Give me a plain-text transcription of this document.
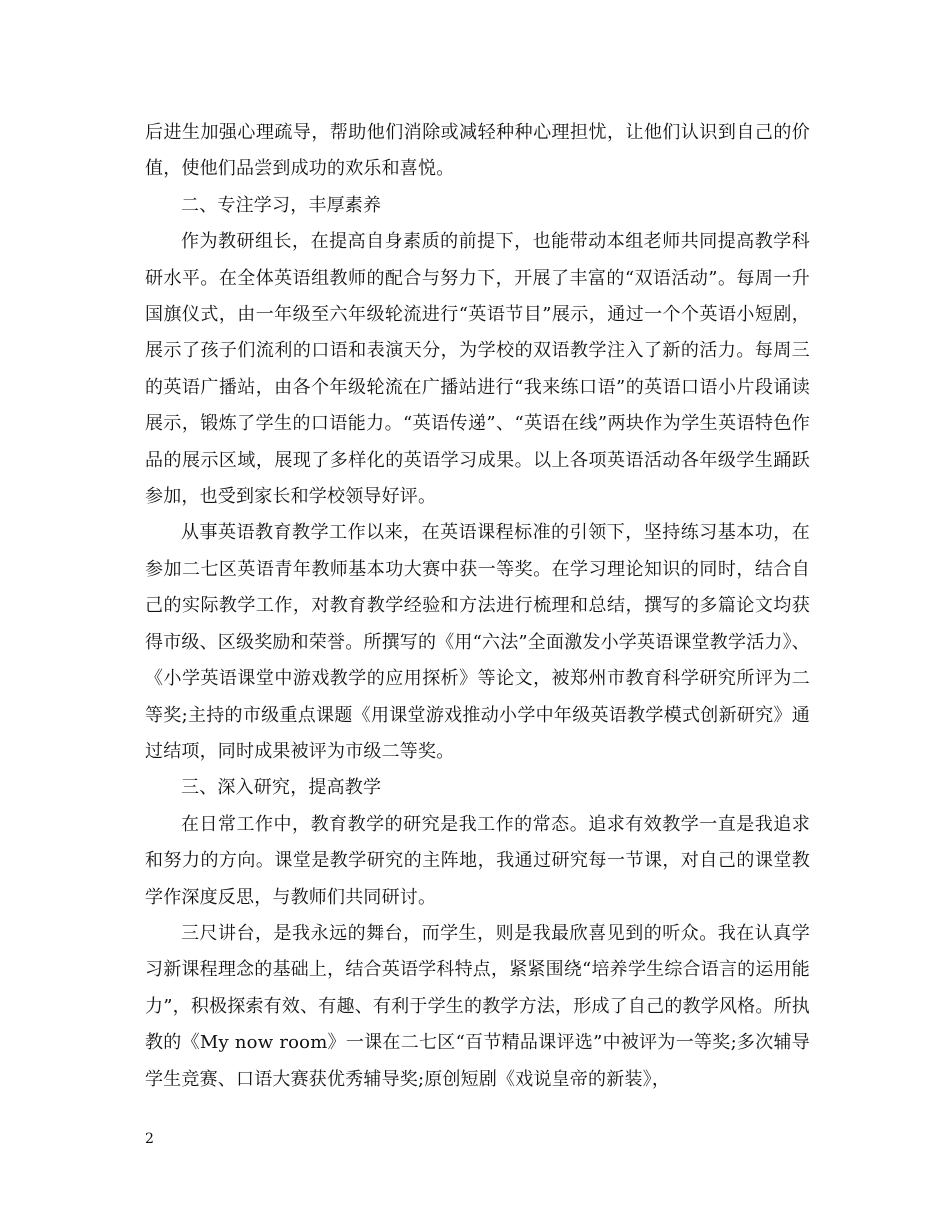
后进生加强心理疏导，帮助他们消除或减轻种种心理担忧，让他们认识到自己的价值，使他们品尝到成功的欢乐和喜悦。

二、专注学习，丰厚素养

作为教研组长，在提高自身素质的前提下，也能带动本组老师共同提高教学科研水平。在全体英语组教师的配合与努力下，开展了丰富的“双语活动”。每周一升国旗仪式，由一年级至六年级轮流进行“英语节目”展示，通过一个个英语小短剧，展示了孩子们流利的口语和表演天分，为学校的双语教学注入了新的活力。每周三的英语广播站，由各个年级轮流在广播站进行“我来练口语”的英语口语小片段诵读展示，锻炼了学生的口语能力。“英语传递”、“英语在线”两块作为学生英语特色作品的展示区域，展现了多样化的英语学习成果。以上各项英语活动各年级学生踊跃参加，也受到家长和学校领导好评。

从事英语教育教学工作以来，在英语课程标准的引领下，坚持练习基本功，在参加二七区英语青年教师基本功大赛中获一等奖。在学习理论知识的同时，结合自己的实际教学工作，对教育教学经验和方法进行梳理和总结，撰写的多篇论文均获得市级、区级奖励和荣誉。所撰写的《用“六法”全面激发小学英语课堂教学活力》、《小学英语课堂中游戏教学的应用探析》等论文，被郑州市教育科学研究所评为二等奖;主持的市级重点课题《用课堂游戏推动小学中年级英语教学模式创新研究》通过结项，同时成果被评为市级二等奖。

三、深入研究，提高教学

在日常工作中，教育教学的研究是我工作的常态。追求有效教学一直是我追求和努力的方向。课堂是教学研究的主阵地，我通过研究每一节课，对自己的课堂教学作深度反思，与教师们共同研讨。

三尺讲台，是我永远的舞台，而学生，则是我最欣喜见到的听众。我在认真学习新课程理念的基础上，结合英语学科特点，紧紧围绕“培养学生综合语言的运用能力”，积极探索有效、有趣、有利于学生的教学方法，形成了自己的教学风格。所执教的《My now room》一课在二七区“百节精品课评选”中被评为一等奖;多次辅导学生竞赛、口语大赛获优秀辅导奖;原创短剧《戏说皇帝的新装》，

2
